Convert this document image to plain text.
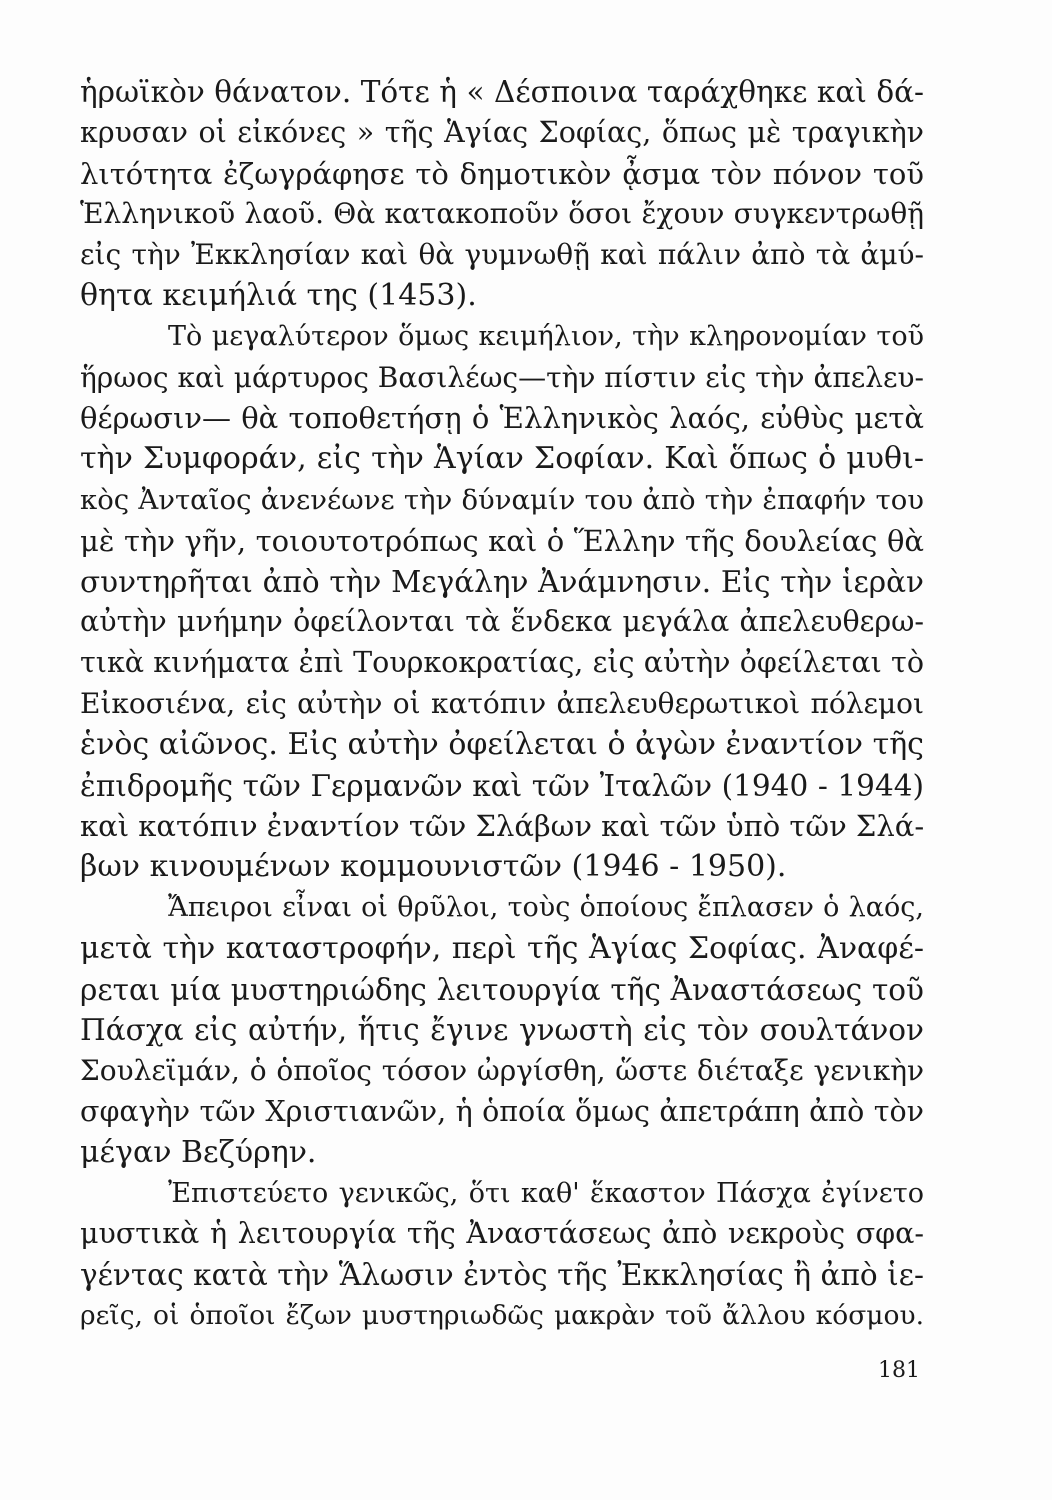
ἡρωϊκὸν θάνατον. Τότε ἡ « Δέσποινα ταράχθηκε καὶ δά-
κρυσαν οἱ εἰκόνες » τῆς Ἁγίας Σοφίας, ὅπως μὲ τραγικὴν
λιτότητα ἐζωγράφησε τὸ δημοτικὸν ᾆσμα τὸν πόνον τοῦ
Ἑλληνικοῦ λαοῦ. Θὰ κατακοποῦν ὅσοι ἔχουν συγκεντρωθῇ
εἰς τὴν Ἐκκλησίαν καὶ θὰ γυμνωθῇ καὶ πάλιν ἀπὸ τὰ ἀμύ-
θητα κειμήλιά της (1453).
Τὸ μεγαλύτερον ὅμως κειμήλιον, τὴν κληρονομίαν τοῦ
ἥρωος καὶ μάρτυρος Βασιλέως—τὴν πίστιν εἰς τὴν ἀπελευ-
θέρωσιν— θὰ τοποθετήσῃ ὁ Ἑλληνικὸς λαός, εὐθὺς μετὰ
τὴν Συμφοράν, εἰς τὴν Ἁγίαν Σοφίαν. Καὶ ὅπως ὁ μυθι-
κὸς Ἀνταῖος ἀνενέωνε τὴν δύναμίν του ἀπὸ τὴν ἐπαφήν του
μὲ τὴν γῆν, τοιουτοτρόπως καὶ ὁ Ἕλλην τῆς δουλείας θὰ
συντηρῆται ἀπὸ τὴν Μεγάλην Ἀνάμνησιν. Εἰς τὴν ἱερὰν
αὐτὴν μνήμην ὀφείλονται τὰ ἕνδεκα μεγάλα ἀπελευθερω-
τικὰ κινήματα ἐπὶ Τουρκοκρατίας, εἰς αὐτὴν ὀφείλεται τὸ
Εἰκοσιένα, εἰς αὐτὴν οἱ κατόπιν ἀπελευθερωτικοὶ πόλεμοι
ἑνὸς αἰῶνος. Εἰς αὐτὴν ὀφείλεται ὁ ἀγὼν ἐναντίον τῆς
ἐπιδρομῆς τῶν Γερμανῶν καὶ τῶν Ἰταλῶν (1940 - 1944)
καὶ κατόπιν ἐναντίον τῶν Σλάβων καὶ τῶν ὑπὸ τῶν Σλά-
βων κινουμένων κομμουνιστῶν (1946 - 1950).
Ἄπειροι εἶναι οἱ θρῦλοι, τοὺς ὁποίους ἔπλασεν ὁ λαός,
μετὰ τὴν καταστροφήν, περὶ τῆς Ἁγίας Σοφίας. Ἀναφέ-
ρεται μία μυστηριώδης λειτουργία τῆς Ἀναστάσεως τοῦ
Πάσχα εἰς αὐτήν, ἥτις ἔγινε γνωστὴ εἰς τὸν σουλτάνον
Σουλεϊμάν, ὁ ὁποῖος τόσον ὠργίσθη, ὥστε διέταξε γενικὴν
σφαγὴν τῶν Χριστιανῶν, ἡ ὁποία ὅμως ἀπετράπη ἀπὸ τὸν
μέγαν Βεζύρην.
Ἐπιστεύετο γενικῶς, ὅτι καθ' ἕκαστον Πάσχα ἐγίνετο
μυστικὰ ἡ λειτουργία τῆς Ἀναστάσεως ἀπὸ νεκροὺς σφα-
γέντας κατὰ τὴν Ἅλωσιν ἐντὸς τῆς Ἐκκλησίας ἢ ἀπὸ ἱε-
ρεῖς, οἱ ὁποῖοι ἔζων μυστηριωδῶς μακρὰν τοῦ ἄλλου κόσμου.
181
